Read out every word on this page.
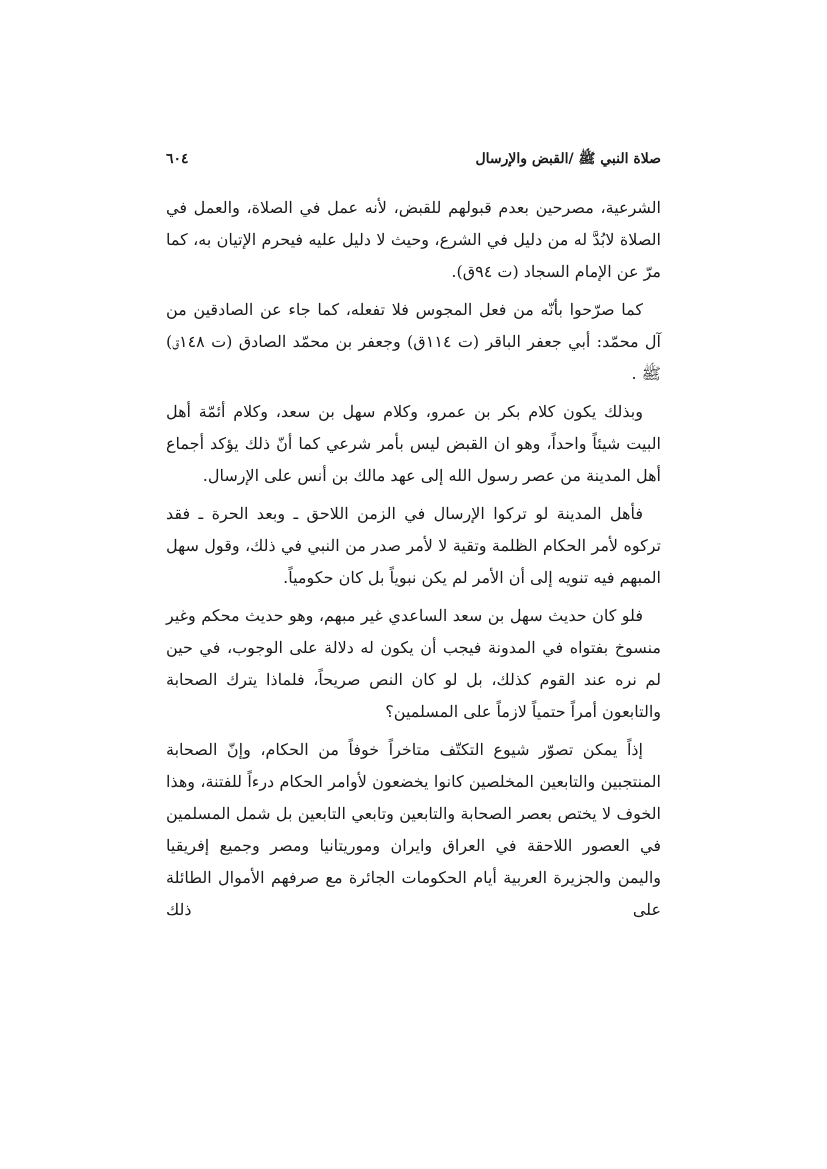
صلاة النبي ﷺ /القبض والإرسال
٦٠٤

الشرعية، مصرحين بعدم قبولهم للقبض، لأنه عمل في الصلاة، والعمل في الصلاة لابُدَّ له من دليل في الشرع، وحيث لا دليل عليه فيحرم الإتيان به، كما مرّ عن الإمام السجاد (ت ٩٤ق).

كما صرّحوا بأنّه من فعل المجوس فلا تفعله، كما جاء عن الصادقين من آل محمّد: أبي جعفر الباقر (ت ١١٤ق) وجعفر بن محمّد الصادق (ت ١٤٨ق) ﷺ .

وبذلك يكون كلام بكر بن عمرو، وكلام سهل بن سعد، وكلام أئمّة أهل البيت شيئاً واحداً، وهو ان القبض ليس بأمر شرعي كما أنّ ذلك يؤكد أجماع أهل المدينة من عصر رسول الله إلى عهد مالك بن أنس على الإرسال.

فأهل المدينة لو تركوا الإرسال في الزمن اللاحق ـ وبعد الحرة ـ فقد تركوه لأمر الحكام الظلمة وتقية لا لأمر صدر من النبي في ذلك، وقول سهل المبهم فيه تنويه إلى أن الأمر لم يكن نبوياً بل كان حكومياً.

فلو كان حديث سهل بن سعد الساعدي غير مبهم، وهو حديث محكم وغير منسوخ بفتواه في المدونة فيجب أن يكون له دلالة على الوجوب، في حين لم نره عند القوم كذلك، بل لو كان النص صريحاً، فلماذا يترك الصحابة والتابعون أمراً حتمياً لازماً على المسلمين؟

إذاً يمكن تصوّر شيوع التكتّف متاخراً خوفاً من الحكام، وإنّ الصحابة المنتجبين والتابعين المخلصين كانوا يخضعون لأوامر الحكام درءاً للفتنة، وهذا الخوف لا يختص بعصر الصحابة والتابعين وتابعي التابعين بل شمل المسلمين في العصور اللاحقة في العراق وايران وموريتانيا ومصر وجميع إفريقيا واليمن والجزيرة العربية أيام الحكومات الجائرة مع صرفهم الأموال الطائلة على ذلك
